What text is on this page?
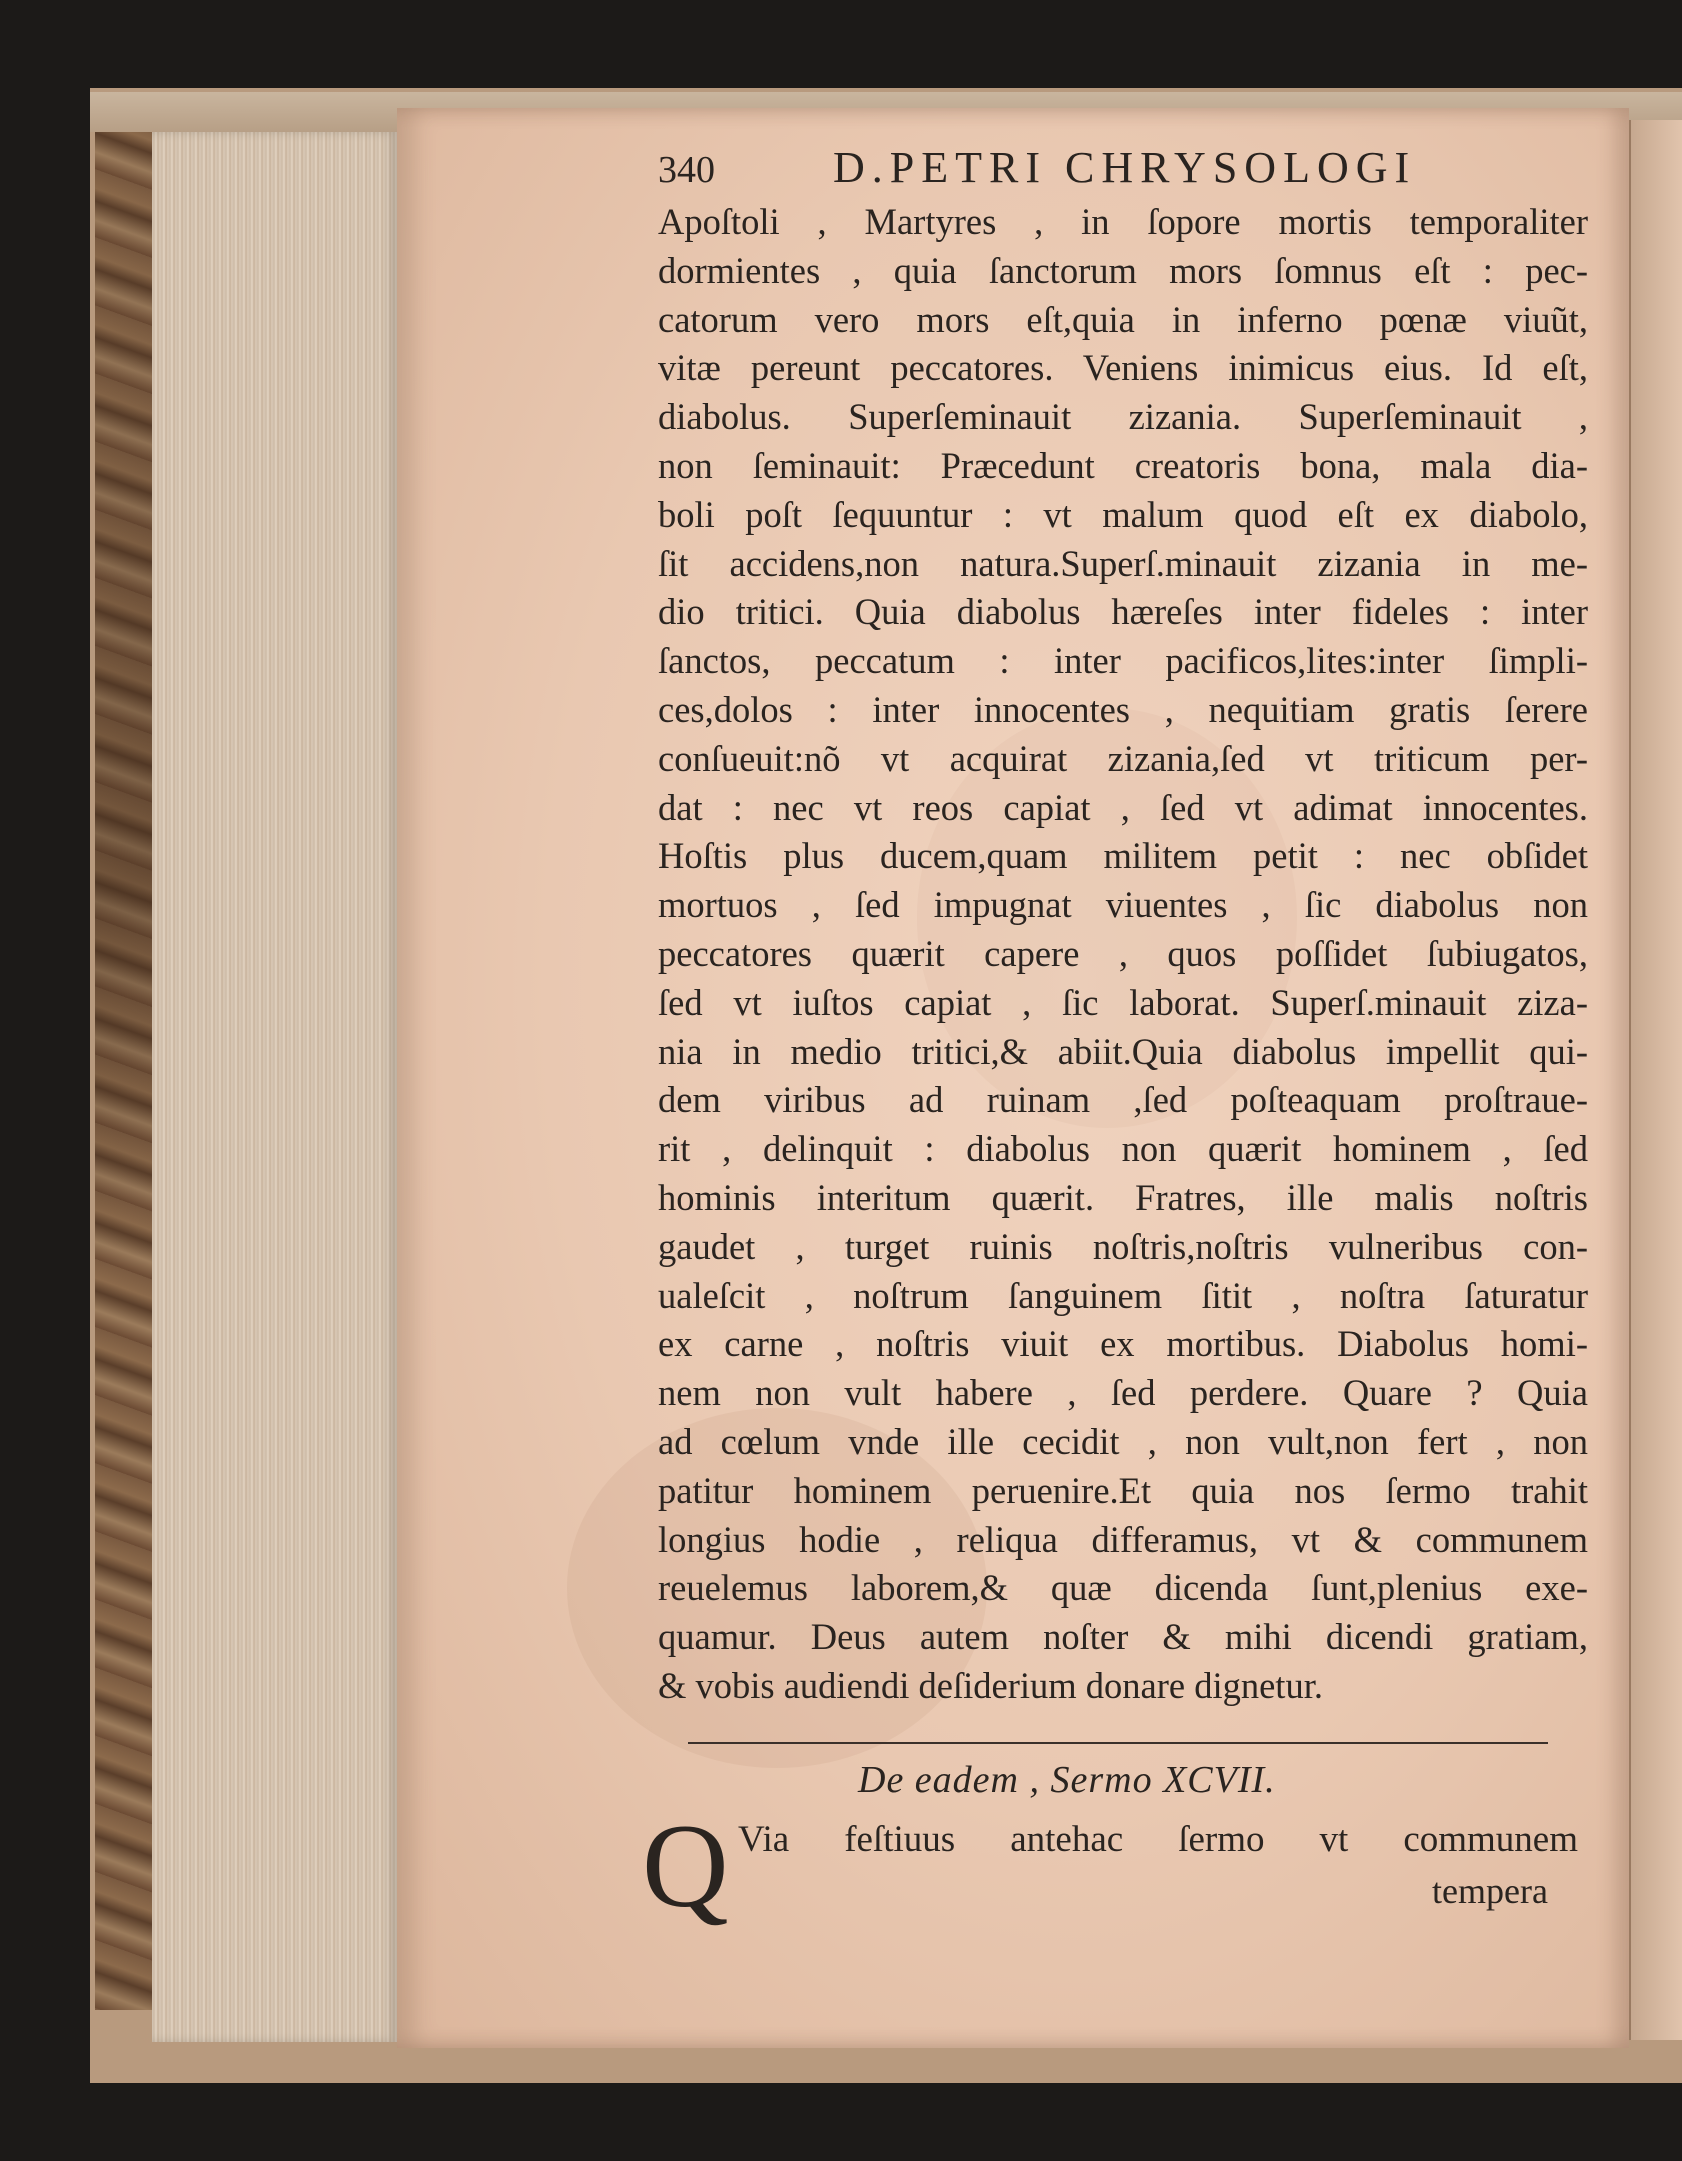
340	D.PETRI CHRYSOLOGI
Apoſtoli , Martyres , in ſopore mortis temporaliter
dormientes , quia ſanctorum mors ſomnus eſt : pec-
catorum vero mors eſt,quia in inferno pœnæ viuũt,
vitæ pereunt peccatores. Veniens inimicus eius. Id eſt,
diabolus. Superſeminauit zizania. Superſeminauit ,
non ſeminauit: Præcedunt creatoris bona, mala dia-
boli poſt ſequuntur : vt malum quod eſt ex diabolo,
ſit accidens,non natura.Superſ.minauit zizania in me-
dio tritici. Quia diabolus hæreſes inter fideles : inter
ſanctos, peccatum : inter pacificos,lites:inter ſimpli-
ces,dolos : inter innocentes , nequitiam gratis ſerere
conſueuit:nõ vt acquirat zizania,ſed vt triticum per-
dat : nec vt reos capiat , ſed vt adimat innocentes.
Hoſtis plus ducem,quam militem petit : nec obſidet
mortuos , ſed impugnat viuentes , ſic diabolus non
peccatores quærit capere , quos poſſidet ſubiugatos,
ſed vt iuſtos capiat , ſic laborat. Superſ.minauit ziza-
nia in medio tritici,& abiit.Quia diabolus impellit qui-
dem viribus ad ruinam ,ſed poſteaquam proſtraue-
rit , delinquit : diabolus non quærit hominem , ſed
hominis interitum quærit. Fratres, ille malis noſtris
gaudet , turget ruinis noſtris,noſtris vulneribus con-
ualeſcit , noſtrum ſanguinem ſitit , noſtra ſaturatur
ex carne , noſtris viuit ex mortibus. Diabolus homi-
nem non vult habere , ſed perdere. Quare ? Quia
ad cœlum vnde ille cecidit , non vult,non fert , non
patitur hominem peruenire.Et quia nos ſermo trahit
longius hodie , reliqua differamus, vt & communem
reuelemus laborem,& quæ dicenda ſunt,plenius exe-
quamur. Deus autem noſter & mihi dicendi gratiam,
& vobis audiendi deſiderium donare dignetur.
De eadem , Sermo XCVII.
Q Via feſtiuus antehac ſermo vt communem
tempera
